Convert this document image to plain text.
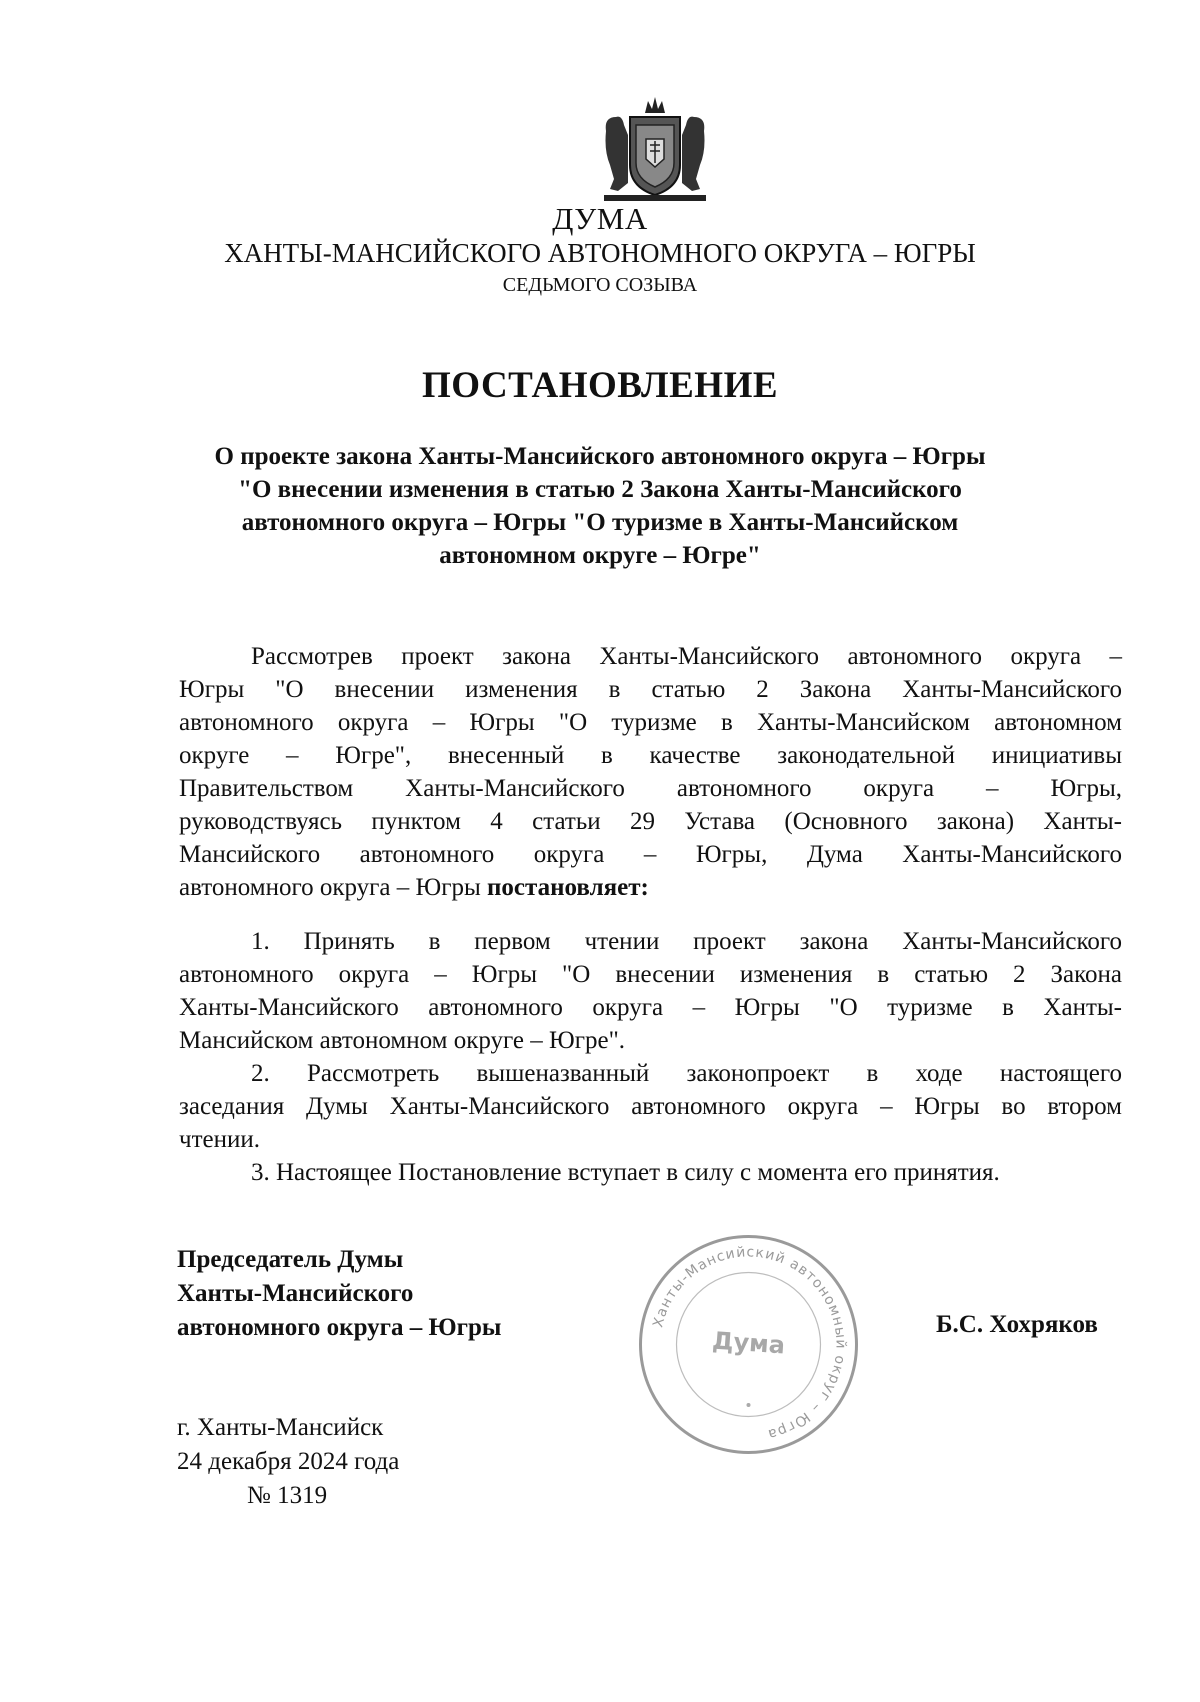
ДУМА
ХАНТЫ-МАНСИЙСКОГО АВТОНОМНОГО ОКРУГА – ЮГРЫ
СЕДЬМОГО СОЗЫВА
ПОСТАНОВЛЕНИЕ
О проекте закона Ханты-Мансийского автономного округа – Югры
"О внесении изменения в статью 2 Закона Ханты-Мансийского
автономного округа – Югры "О туризме в Ханты-Мансийском
автономном округе – Югре"
Рассмотрев проект закона Ханты-Мансийского автономного округа –
Югры "О внесении изменения в статью 2 Закона Ханты-Мансийского
автономного округа – Югры "О туризме в Ханты-Мансийском автономном
округе – Югре", внесенный в качестве законодательной инициативы
Правительством Ханты-Мансийского автономного округа – Югры,
руководствуясь пунктом 4 статьи 29 Устава (Основного закона) Ханты-
Мансийского автономного округа – Югры, Дума Ханты-Мансийского
автономного округа – Югры постановляет:
1. Принять в первом чтении проект закона Ханты-Мансийского
автономного округа – Югры "О внесении изменения в статью 2 Закона
Ханты-Мансийского автономного округа – Югры "О туризме в Ханты-
Мансийском автономном округе – Югре".
2. Рассмотреть вышеназванный законопроект в ходе настоящего
заседания Думы Ханты-Мансийского автономного округа – Югры во втором
чтении.
3. Настоящее Постановление вступает в силу с момента его принятия.
Председатель Думы
Ханты-Мансийского
автономного округа – Югры	Ханты-Мансийский автономный округ – Югра
Дума
Б.С. Хохряков
г. Ханты-Мансийск
24 декабря 2024 года
№ 1319
